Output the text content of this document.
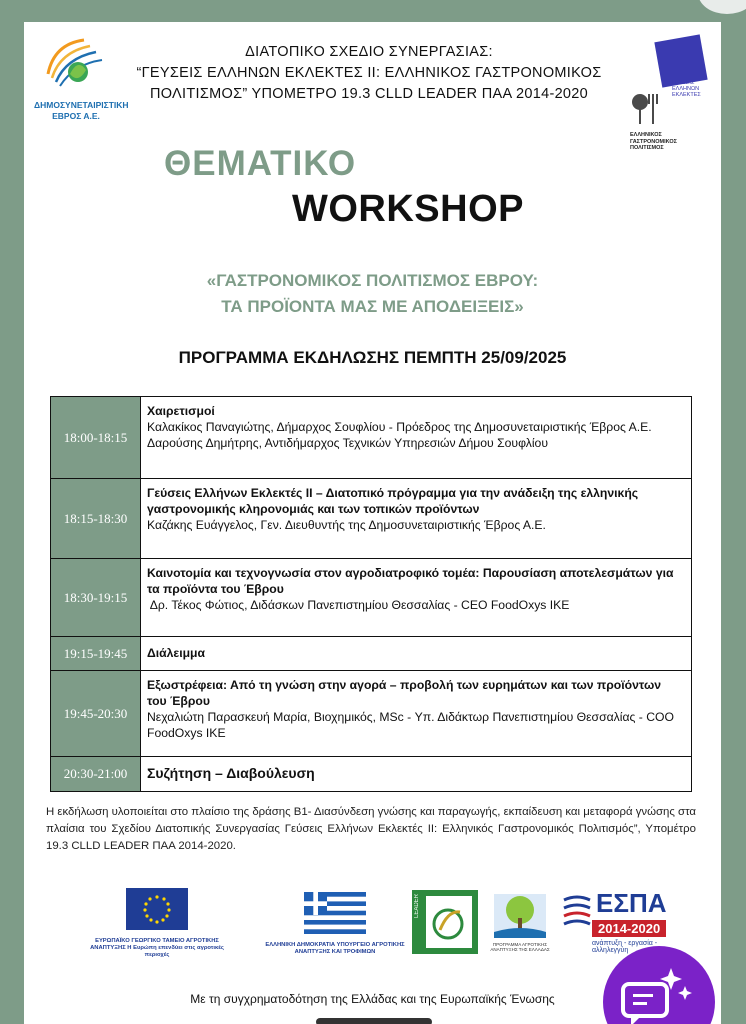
ΔΗΜΟΣΥΝΕΤΑΙΡΙΣΤΙΚΗ ΕΒΡΟΣ Α.Ε.
ΔΙΑΤΟΠΙΚΟ ΣΧΕΔΙΟ ΣΥΝΕΡΓΑΣΙΑΣ:
“ΓΕΥΣΕΙΣ ΕΛΛΗΝΩΝ ΕΚΛΕΚΤΕΣ ΙΙ: ΕΛΛΗΝΙΚΟΣ ΓΑΣΤΡΟΝΟΜΙΚΟΣ
ΠΟΛΙΤΙΣΜΟΣ” ΥΠΟΜΕΤΡΟ 19.3 CLLD LEADER ΠΑΑ 2014-2020
ΓΕΥΣΕΙΣ ΕΛΛΗΝΩΝ ΕΚΛΕΚΤΕΣ
ΕΛΛΗΝΙΚΟΣ ΓΑΣΤΡΟΝΟΜΙΚΟΣ ΠΟΛΙΤΙΣΜΟΣ
ΘΕΜΑΤΙΚΟ
WORKSHOP
«ΓΑΣΤΡΟΝΟΜΙΚΟΣ ΠΟΛΙΤΙΣΜΟΣ ΕΒΡΟΥ:
ΤΑ ΠΡΟΪΟΝΤΑ ΜΑΣ ΜΕ ΑΠΟΔΕΙΞΕΙΣ»
ΠΡΟΓΡΑΜΜΑ ΕΚΔΗΛΩΣΗΣ ΠΕΜΠΤΗ 25/09/2025
18:00-18:15
Χαιρετισμοί
Καλακίκος Παναγιώτης, Δήμαρχος Σουφλίου - Πρόεδρος της Δημοσυνεταιριστικής Έβρος Α.Ε.
Δαρούσης Δημήτρης, Αντιδήμαρχος Τεχνικών Υπηρεσιών Δήμου Σουφλίου
18:15-18:30
Γεύσεις Ελλήνων Εκλεκτές ΙΙ – Διατοπικό πρόγραμμα για την ανάδειξη της ελληνικής γαστρονομικής κληρονομιάς και των τοπικών προϊόντων
Καζάκης Ευάγγελος, Γεν. Διευθυντής της Δημοσυνεταιριστικής Έβρος Α.Ε.
18:30-19:15
Καινοτομία και τεχνογνωσία στον αγροδιατροφικό τομέα: Παρουσίαση αποτελεσμάτων για τα προϊόντα του Έβρου
Δρ. Τέκος Φώτιος, Διδάσκων Πανεπιστημίου Θεσσαλίας - CEO FoodOxys IKE
19:15-19:45	Διάλειμμα
19:45-20:30
Εξωστρέφεια: Από τη γνώση στην αγορά – προβολή των ευρημάτων και των προϊόντων του Έβρου
Νεχαλιώτη Παρασκευή Μαρία, Βιοχημικός, MSc - Υπ. Διδάκτωρ Πανεπιστημίου Θεσσαλίας - COO FoodOxys IKE
20:30-21:00	Συζήτηση – Διαβούλευση
Η εκδήλωση υλοποιείται στο πλαίσιο της δράσης Β1- Διασύνδεση γνώσης και παραγωγής, εκπαίδευση και μεταφορά γνώσης στα πλαίσια του Σχεδίου Διατοπικής Συνεργασίας Γεύσεις Ελλήνων Εκλεκτές ΙΙ: Ελληνικός Γαστρονομικός Πολιτισμός”, Υπομέτρο 19.3 CLLD LEADER ΠΑΑ 2014-2020.
ΕΥΡΩΠΑΪΚΟ ΓΕΩΡΓΙΚΟ ΤΑΜΕΙΟ ΑΓΡΟΤΙΚΗΣ ΑΝΑΠΤΥΞΗΣ Η Ευρώπη επενδύει στις αγροτικές περιοχές
ΕΛΛΗΝΙΚΗ ΔΗΜΟΚΡΑΤΙΑ ΥΠΟΥΡΓΕΙΟ ΑΓΡΟΤΙΚΗΣ ΑΝΑΠΤΥΞΗΣ ΚΑΙ ΤΡΟΦΙΜΩΝ
LEADER
ΠΡΟΓΡΑΜΜΑ ΑΓΡΟΤΙΚΗΣ ΑΝΑΠΤΥΞΗΣ ΤΗΣ ΕΛΛΑΔΑΣ
ΕΣΠΑ
2014-2020
ανάπτυξη - εργασία - αλληλεγγύη
Με τη συγχρηματοδότηση της Ελλάδας και της Ευρωπαϊκής Ένωσης
